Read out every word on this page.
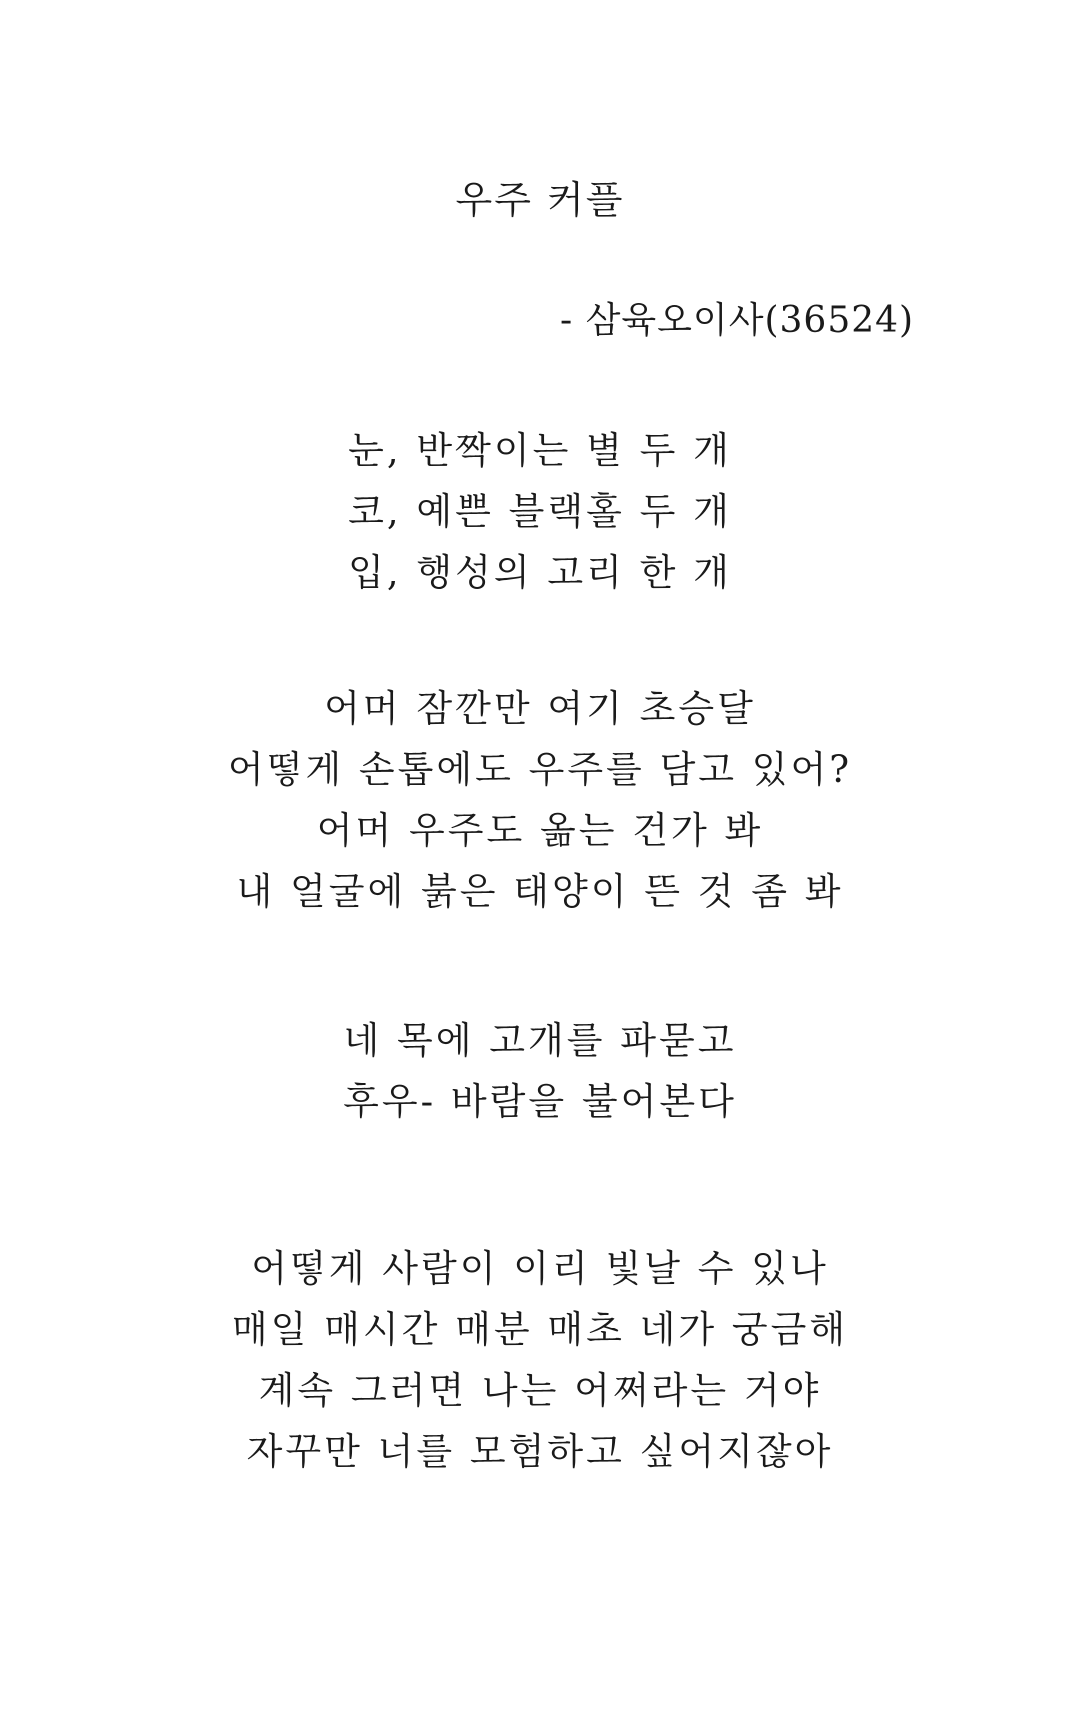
우주 커플
- 삼육오이사(36524)
눈, 반짝이는 별 두 개
코, 예쁜 블랙홀 두 개
입, 행성의 고리 한 개
어머 잠깐만 여기 초승달
어떻게 손톱에도 우주를 담고 있어?
어머 우주도 옮는 건가 봐
내 얼굴에 붉은 태양이 뜬 것 좀 봐
네 목에 고개를 파묻고
후우- 바람을 불어본다
어떻게 사람이 이리 빛날 수 있나
매일 매시간 매분 매초 네가 궁금해
계속 그러면 나는 어쩌라는 거야
자꾸만 너를 모험하고 싶어지잖아
